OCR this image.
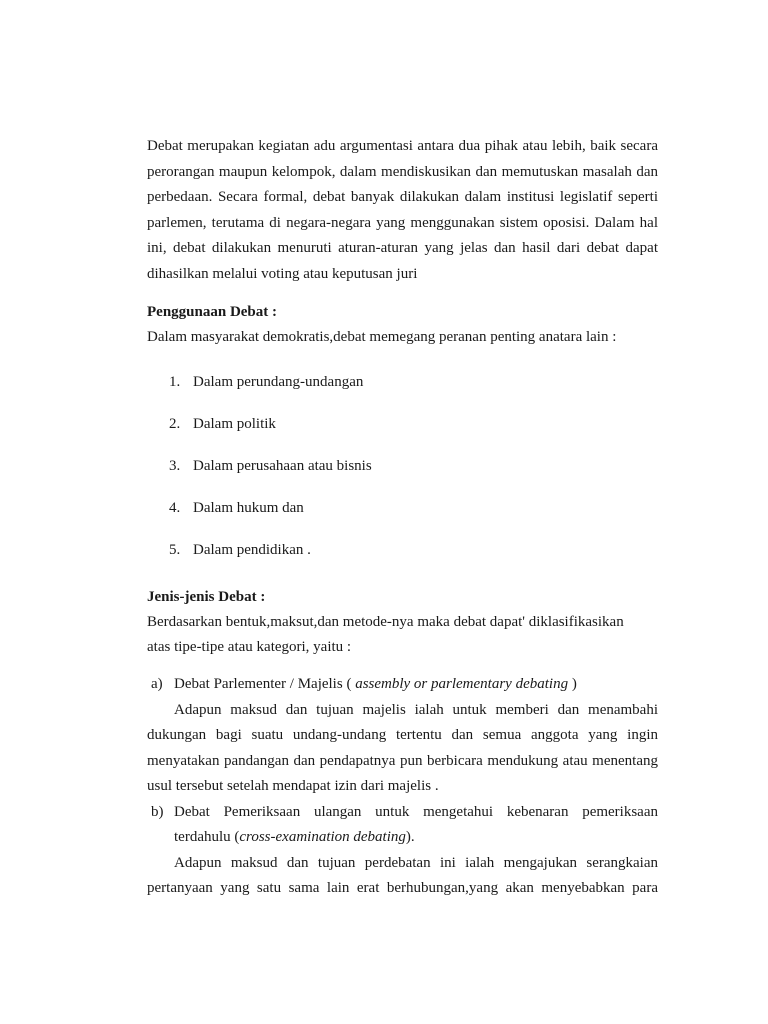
Debat merupakan kegiatan adu argumentasi antara dua pihak atau lebih, baik secara perorangan maupun kelompok, dalam mendiskusikan dan memutuskan masalah dan perbedaan. Secara formal, debat banyak dilakukan dalam institusi legislatif seperti parlemen, terutama di negara-negara yang menggunakan sistem oposisi. Dalam hal ini, debat dilakukan menuruti aturan-aturan yang jelas dan hasil dari debat dapat dihasilkan melalui voting atau keputusan juri

Penggunaan Debat :

Dalam masyarakat demokratis,debat memegang peranan penting anatara lain :

1. Dalam perundang-undangan
2. Dalam politik
3. Dalam perusahaan atau bisnis
4. Dalam hukum dan
5. Dalam pendidikan .

Jenis-jenis Debat :

Berdasarkan bentuk,maksut,dan metode-nya maka debat dapat' diklasifikasikan atas tipe-tipe atau kategori, yaitu :

a) Debat Parlementer / Majelis ( assembly or parlementary debating )

Adapun maksud dan tujuan majelis ialah untuk memberi dan menambahi dukungan bagi suatu undang-undang tertentu dan semua anggota yang ingin menyatakan pandangan dan pendapatnya pun berbicara mendukung atau menentang usul tersebut setelah mendapat izin dari majelis .

b) Debat Pemeriksaan ulangan untuk mengetahui kebenaran pemeriksaan terdahulu (cross-examination debating).

Adapun maksud dan tujuan perdebatan ini ialah mengajukan serangkaian pertanyaan yang satu sama lain erat berhubungan,yang akan menyebabkan para
